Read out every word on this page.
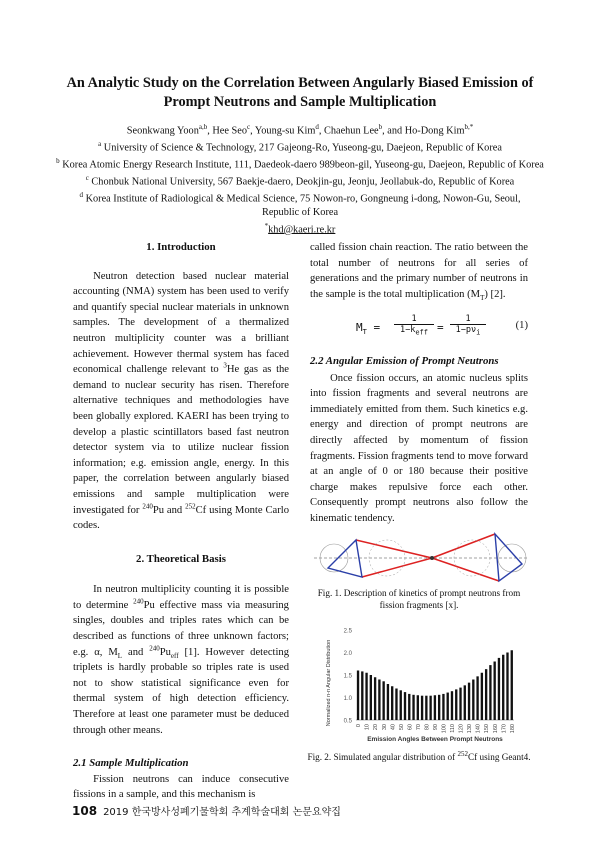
An Analytic Study on the Correlation Between Angularly Biased Emission of
Prompt Neutrons and Sample Multiplication
Seonkwang Yoon$^{a,b}$, Hee Seo$^c$, Young-su Kim$^d$, Chaehun Lee$^b$, and Ho-Dong Kim$^{b,*}$
$^a$ University of Science & Technology, 217 Gajeong-Ro, Yuseong-gu, Daejeon, Republic of Korea
$^b$ Korea Atomic Energy Research Institute, 111, Daedeok-daero 989beon-gil, Yuseong-gu, Daejeon, Republic of Korea
$^c$ Chonbuk National University, 567 Baekje-daero, Deokjin-gu, Jeonju, Jeollabuk-do, Republic of Korea
$^d$ Korea Institute of Radiological & Medical Science, 75 Nowon-ro, Gongneung i-dong, Nowon-Gu, Seoul,
Republic of Korea
*khd@kaeri.re.kr
1. Introduction

Neutron detection based nuclear material accounting (NMA) system has been used to verify and quantify special nuclear materials in unknown samples. The development of a thermalized neutron multiplicity counter was a brilliant achievement. However thermal system has faced economical challenge relevant to $^3$He gas as the demand to nuclear security has risen. Therefore alternative techniques and methodologies have been globally explored. KAERI has been trying to develop a plastic scintillators based fast neutron detector system via to utilize nuclear fission information; e.g. emission angle, energy. In this paper, the correlation between angularly biased emissions and sample multiplication were investigated for $^{240}$Pu and $^{252}$Cf using Monte Carlo codes.

2. Theoretical Basis

In neutron multiplicity counting it is possible to determine $^{240}$Pu effective mass via measuring singles, doubles and triples rates which can be described as functions of three unknown factors; e.g. α, $M_L$ and $^{240}Pu_{eff}$ [1]. However detecting triplets is hardly probable so triples rate is used not to show statistical significance even for thermal system of high detection efficiency. Therefore at least one parameter must be deduced through other means.

2.1 Sample Multiplication

Fission neutrons can induce consecutive fissions in a sample, and this mechanism is

called fission chain reaction. The ratio between the total number of neutrons for all series of generations and the primary number of neutrons in the sample is the total multiplication $(M_T)$ [2].

$M_T$ =
1
$1-k_{eff}$ =
1
$1-p\nu_i$
(1)
2.2 Angular Emission of Prompt Neutrons

Once fission occurs, an atomic nucleus splits into fission fragments and several neutrons are immediately emitted from them. Such kinetics e.g. energy and direction of prompt neutrons are directly affected by momentum of fission fragments. Fission fragments tend to move forward at an angle of 0 or 180 because their positive charge makes repulsive force each other. Consequently prompt neutrons also follow the kinematic tendency.

Fig. 1. Description of kinetics of prompt neutrons from
fission fragments [x].
0.5
1.0
1.5
2.0
2.5
0 10 20 30 40 50 60 70 80 90 100 110 120 130 140 150 160 170 180
Emission Angles Between Prompt Neutrons
Normalized n-n Angular Distribution
Fig. 2. Simulated angular distribution of $^{252}$Cf using Geant4.
108 2019 한국방사성폐기물학회 추계학술대회 논문요약집
